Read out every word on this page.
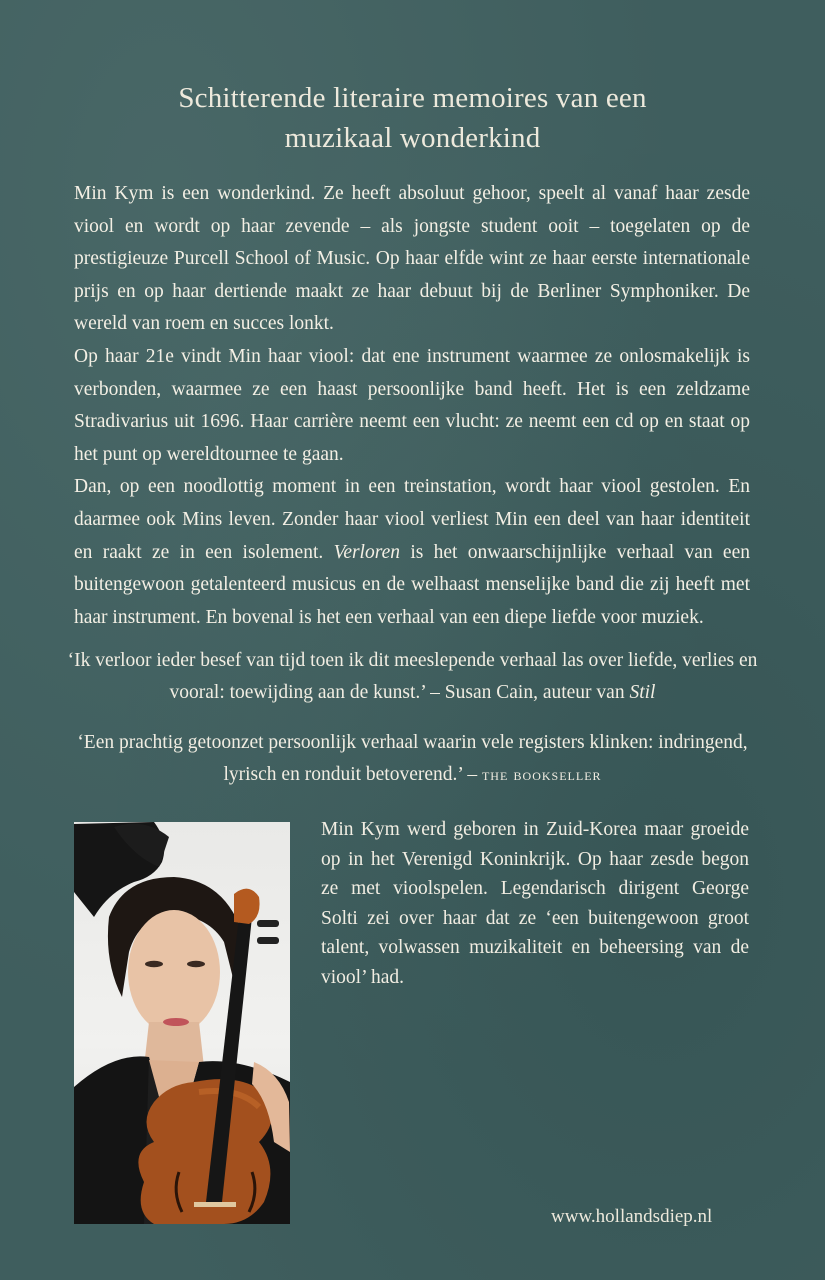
Schitterende literaire memoires van een
muzikaal wonderkind

Min Kym is een wonderkind. Ze heeft absoluut gehoor, speelt al vanaf haar zesde viool en wordt op haar zevende – als jongste student ooit – toegelaten op de prestigieuze Purcell School of Music. Op haar elfde wint ze haar eerste internationale prijs en op haar dertiende maakt ze haar debuut bij de Berliner Symphoniker. De wereld van roem en succes lonkt.

Op haar 21e vindt Min haar viool: dat ene instrument waarmee ze onlosmakelijk is verbonden, waarmee ze een haast persoonlijke band heeft. Het is een zeldzame Stradivarius uit 1696. Haar carrière neemt een vlucht: ze neemt een cd op en staat op het punt op wereldtournee te gaan.

Dan, op een noodlottig moment in een treinstation, wordt haar viool gestolen. En daarmee ook Mins leven. Zonder haar viool verliest Min een deel van haar identiteit en raakt ze in een isolement. Verloren is het onwaarschijnlijke verhaal van een buitengewoon getalenteerd musicus en de welhaast menselijke band die zij heeft met haar instrument. En bovenal is het een verhaal van een diepe liefde voor muziek.

‘Ik verloor ieder besef van tijd toen ik dit meeslepende verhaal las over liefde, verlies en vooral: toewijding aan de kunst.’ – Susan Cain, auteur van Stil

‘Een prachtig getoonzet persoonlijk verhaal waarin vele registers klinken: indringend, lyrisch en ronduit betoverend.’ – the bookseller

Min Kym werd geboren in Zuid-Korea maar groeide op in het Verenigd Koninkrijk. Op haar zesde begon ze met vioolspelen. Legendarisch dirigent George Solti zei over haar dat ze ‘een buitengewoon groot talent, volwassen muzikaliteit en beheersing van de viool’ had.
www.hollandsdiep.nl
